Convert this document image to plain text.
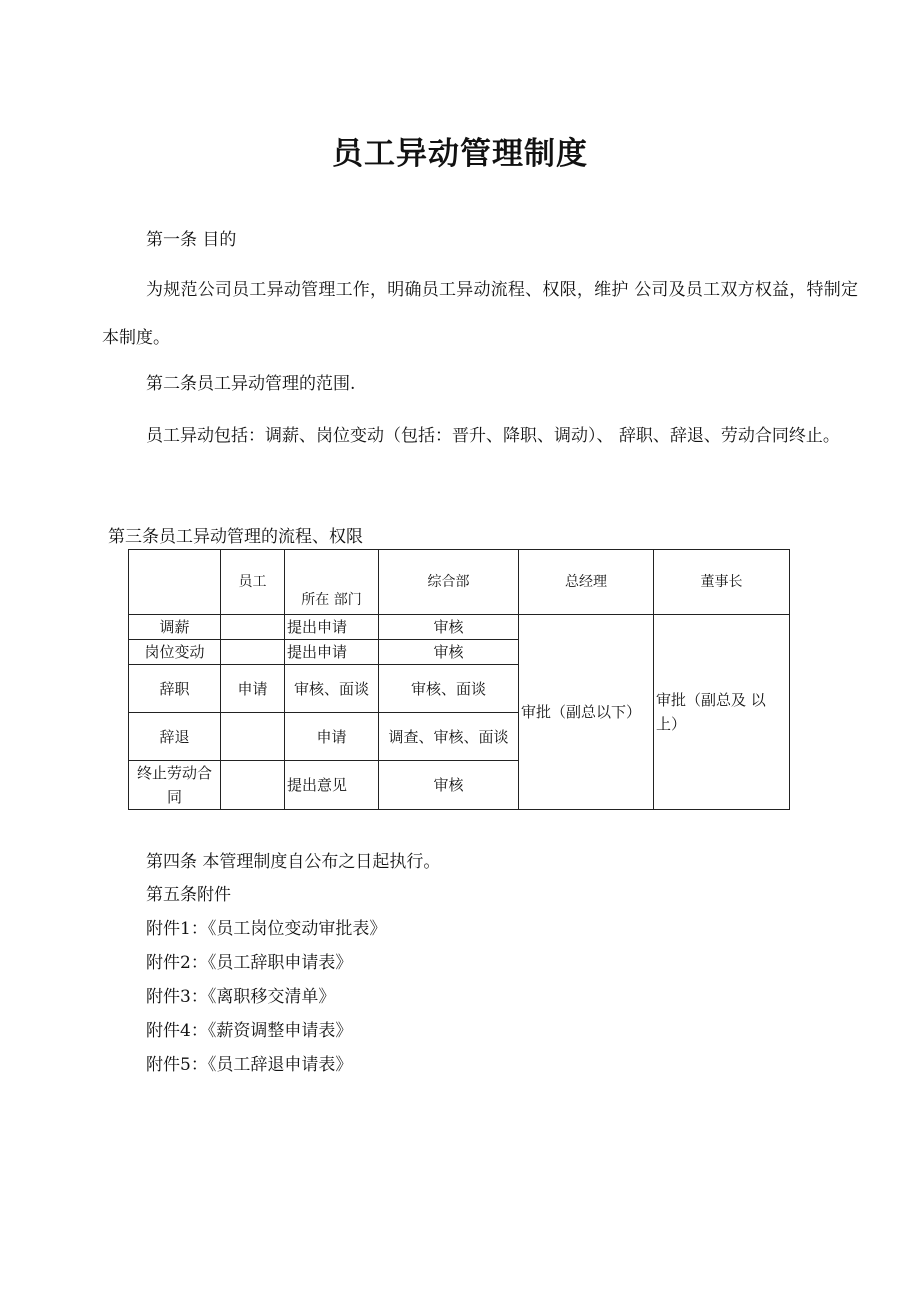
员工异动管理制度
第一条 目的
为规范公司员工异动管理工作，明确员工异动流程、权限，维护 公司及员工双方权益，特制定本制度。
第二条员工异动管理的范围.
员工异动包括：调薪、岗位变动（包括：晋升、降职、调动）、 辞职、辞退、劳动合同终止。
第三条员工异动管理的流程、权限
	员工	所在 部门	综合部	总经理	董事长
调薪		提出申请	审核	审批（副总以下）	审批（副总及 以上）
岗位变动		提出申请	审核		
辞职	申请	审核、面谈	审核、面谈		
辞退		申请	调查、审核、面谈		
终止劳动合同		提出意见	审核		
第四条 本管理制度自公布之日起执行。
第五条附件
附件1：《员工岗位变动审批表》
附件2：《员工辞职申请表》
附件3：《离职移交清单》
附件4：《薪资调整申请表》
附件5：《员工辞退申请表》
